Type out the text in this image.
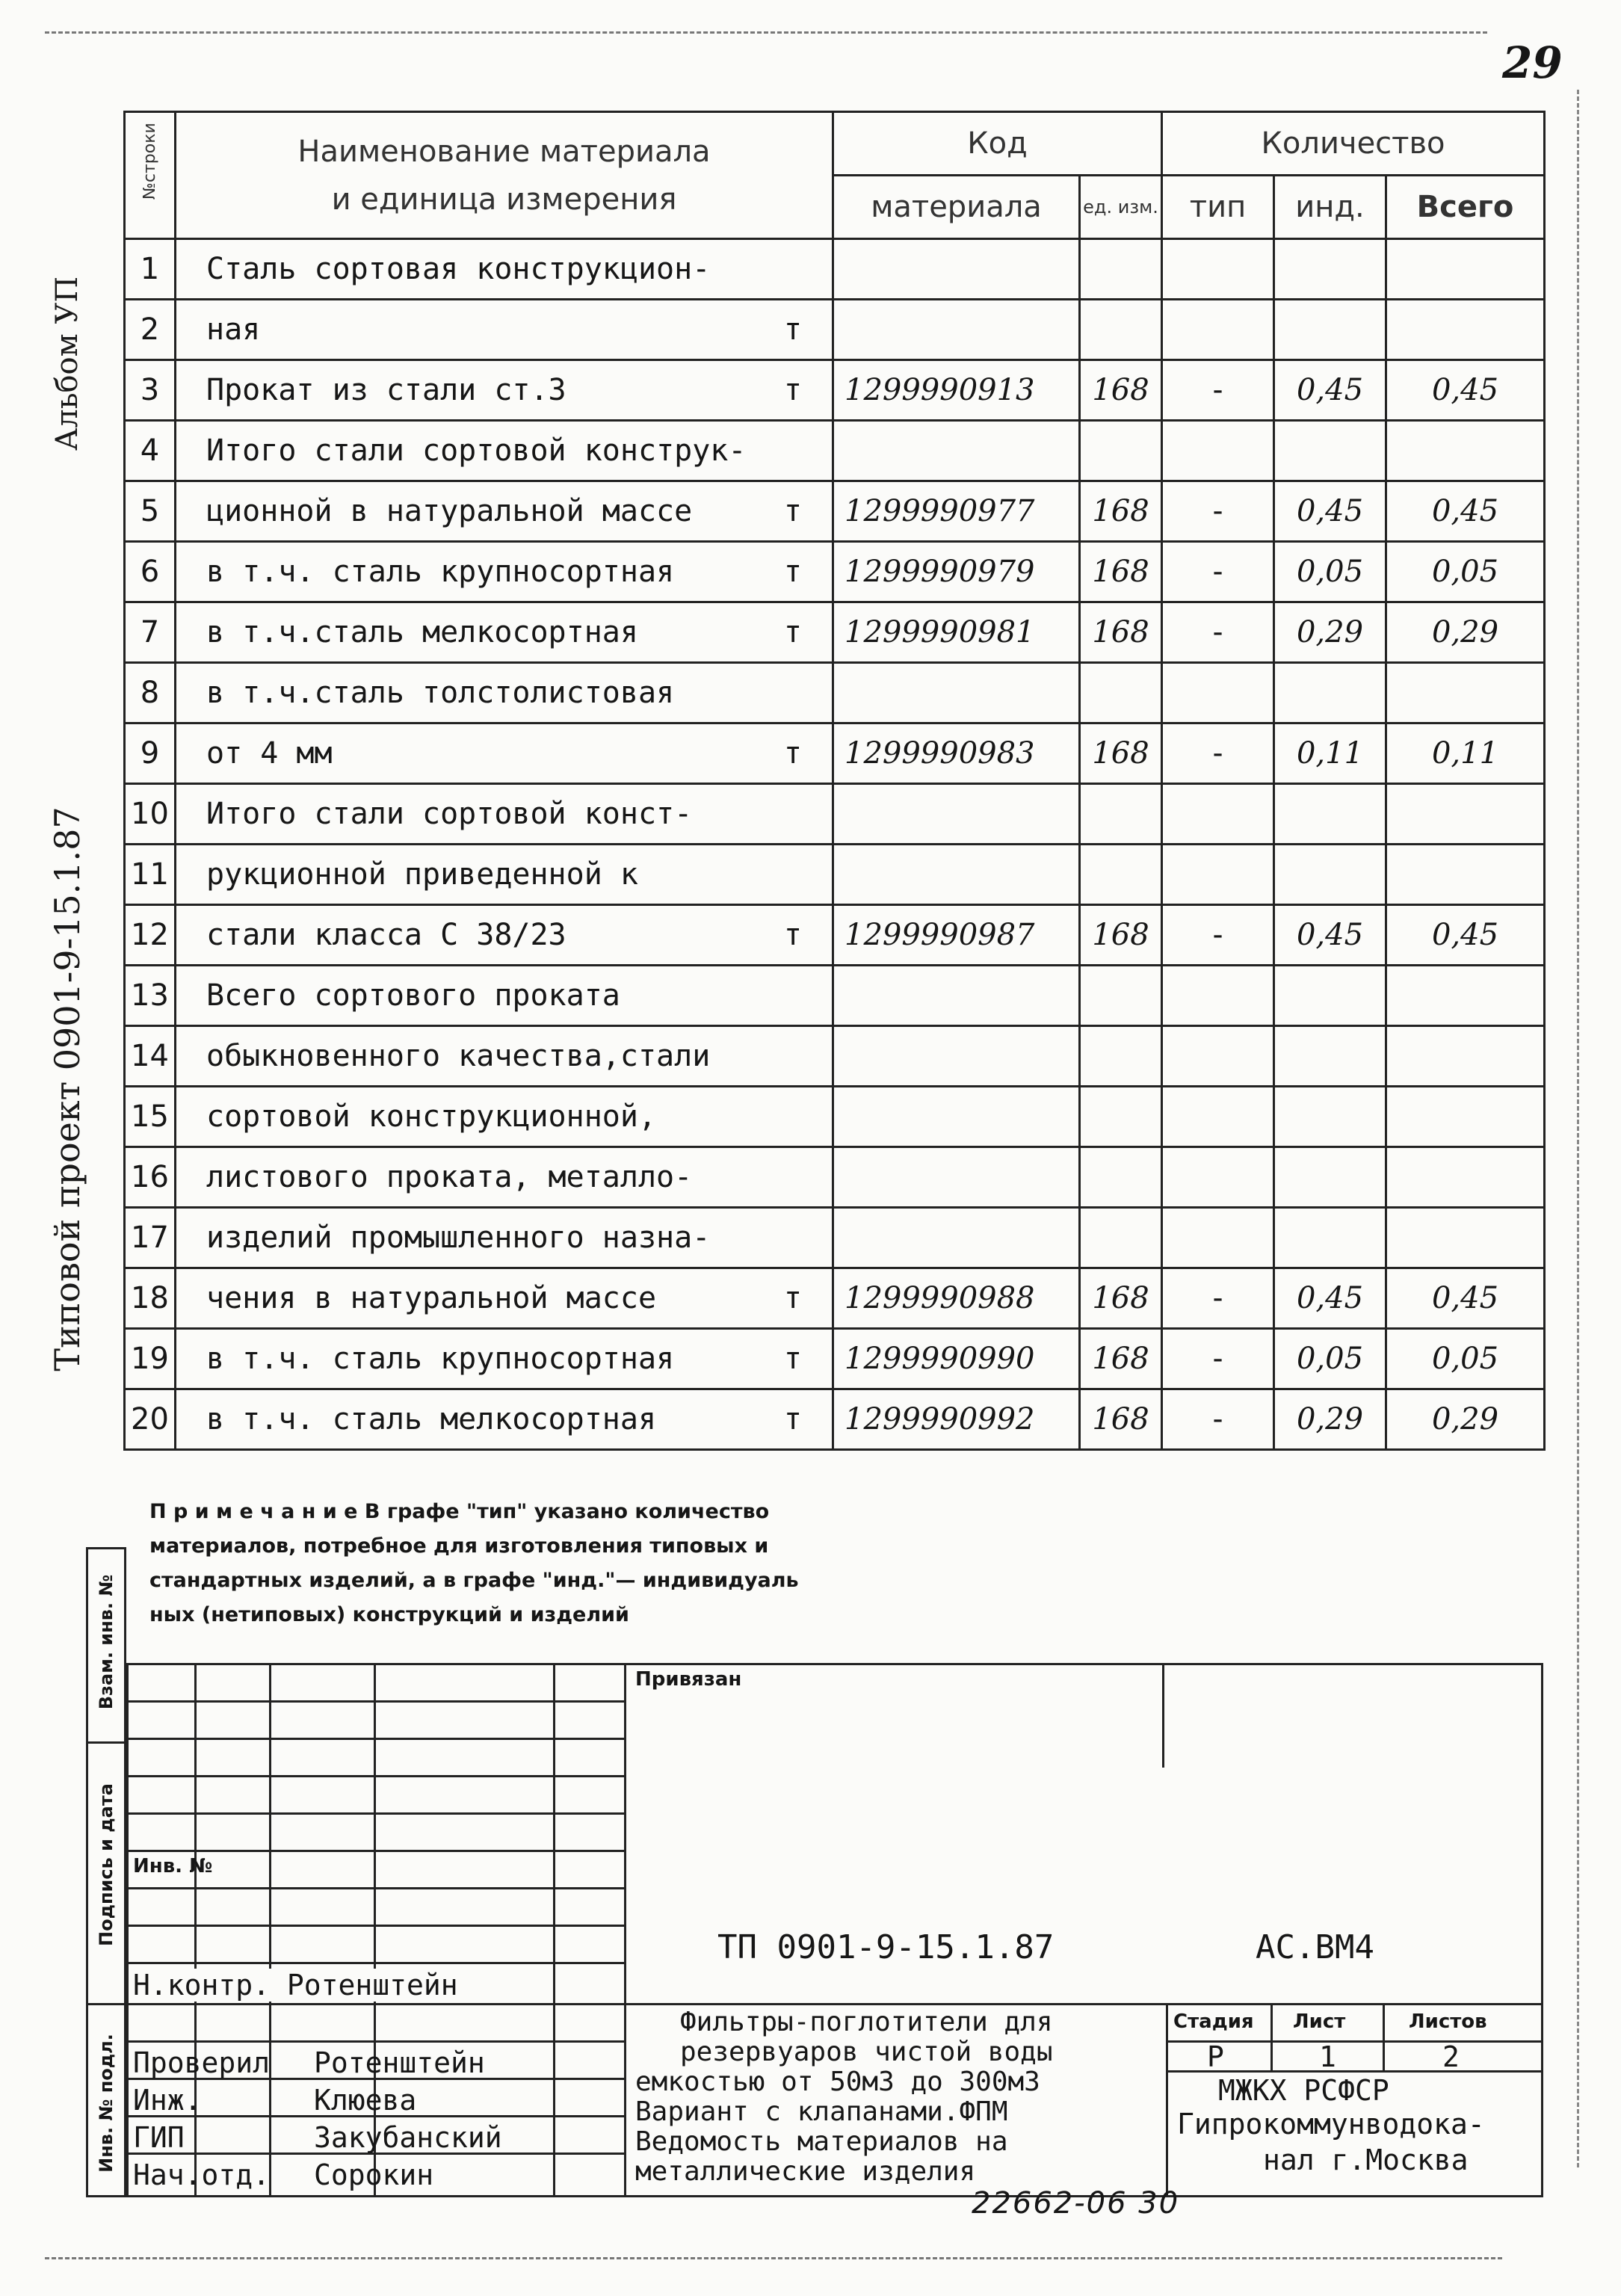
29
Альбом УП
Типовой проект 0901-9-15.1.87
№строки	Наименование материала
и единица измерения	Код		Количество		
		материала	ед. изм.	тип	инд.	Всего
1	Сталь сортовая конструкцион-					

2	ная т					

3	Прокат из стали ст.3 т	1299990913	168	-	0,45	0,45
4	Итого стали сортовой конструк-					

5	ционной в натуральной массе т	1299990977	168	-	0,45	0,45
6	в т.ч. сталь крупносортная т	1299990979	168	-	0,05	0,05
7	в т.ч.сталь мелкосортная т	1299990981	168	-	0,29	0,29
8	в т.ч.сталь толстолистовая					

9	от 4 мм т	1299990983	168	-	0,11	0,11
10	Итого стали сортовой конст-					

11	рукционной приведенной к					

12	стали класса С 38/23 т	1299990987	168	-	0,45	0,45
13	Всего сортового проката					

14	обыкновенного качества,стали					

15	сортовой конструкционной,					

16	листового проката, металло-					

17	изделий промышленного назна-					

18	чения в натуральной массе т	1299990988	168	-	0,45	0,45
19	в т.ч. сталь крупносортная т	1299990990	168	-	0,05	0,05
20	в т.ч. сталь мелкосортная т	1299990992	168	-	0,29	0,29
П р и м е ч а н и е В графе "тип" указано количество
материалов, потребное для изготовления типовых и
стандартных изделий, а в графе "инд."— индивидуаль
ных (нетиповых) конструкций и изделий
Взам. инв. №
Подпись и дата
Инв. № подл.
Привязан
Инв. №
ТП 0901-9-15.1.87	АС.ВМ4
Н.контр. Ротенштейн
Проверил Ротенштейн
Инж.	Клюева
ГИП	Закубанский
Нач.отд. Сорокин
Фильтры-поглотители для
резервуаров чистой воды
емкостью от 50м3 до 300м3
Вариант с клапанами.ФПМ
Ведомость материалов на
металлические изделия
Стадия Лист	Листов
Р	1	2
МЖКХ РСФСР
Гипрокоммунводока-
нал г.Москва
22662-06 30
